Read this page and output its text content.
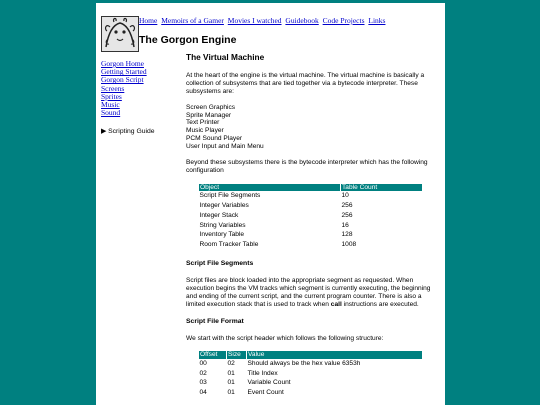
Home Memoirs of a Gamer Movies I watched Guidebook Code Projects Links
The Gorgon Engine
Gorgon Home
Getting Started
Gorgon Script
Screens
Sprites
Music
Sound
▶ Scripting Guide
The Virtual Machine

At the heart of the engine is the virtual machine. The virtual machine is basically a collection of subsystems that are tied together via a bytecode interpreter. These subsystems are:

Screen Graphics
Sprite Manager
Text Printer
Music Player
PCM Sound Player
User Input and Main Menu

Beyond these subsystems there is the bytecode interpreter which has the following configuration

Object	Table Count
Script File Segments	10
Integer Variables	256
Integer Stack	256
String Variables	16
Inventory Table	128
Room Tracker Table	1008
Script File Segments

Script files are block loaded into the appropriate segment as requested. When execution begins the VM tracks which segment is currently executing, the beginning and ending of the current script, and the current program counter. There is also a limited execution stack that is used to track when call instructions are executed.

Script File Format

We start with the script header which follows the following structure:

Offset	Size	Value
00	02	Should always be the hex value 6353h
02	01	Title Index
03	01	Variable Count
04	01	Event Count
